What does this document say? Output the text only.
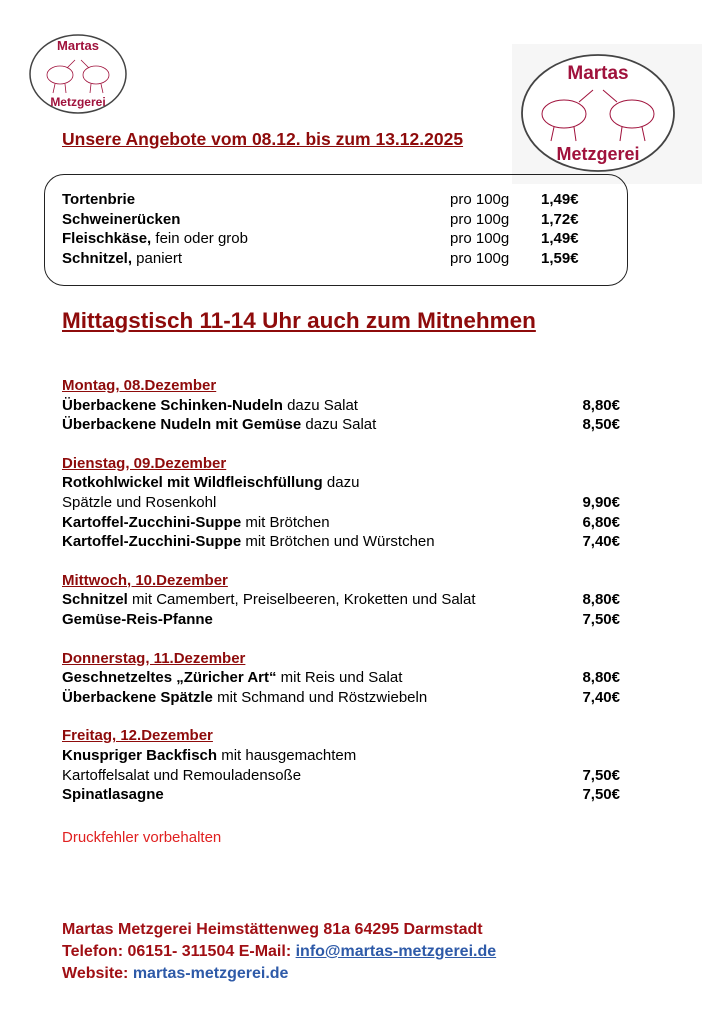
Martas
Metzgerei
Martas
Metzgerei
Unsere Angebote vom 08.12. bis zum 13.12.2025
Tortenbrie	pro 100g 1,49€
Schweinerücken	pro 100g 1,72€
Fleischkäse, fein oder grob	pro 100g 1,49€
Schnitzel, paniert	pro 100g 1,59€
Mittagstisch 11-14 Uhr auch zum Mitnehmen
Montag, 08.Dezember
Überbackene Schinken-Nudeln dazu Salat	8,80€
Überbackene Nudeln mit Gemüse dazu Salat	8,50€
Dienstag, 09.Dezember
Rotkohlwickel mit Wildfleischfüllung dazu
Spätzle und Rosenkohl	9,90€
Kartoffel-Zucchini-Suppe mit Brötchen	6,80€
Kartoffel-Zucchini-Suppe mit Brötchen und Würstchen	7,40€
Mittwoch, 10.Dezember
Schnitzel mit Camembert, Preiselbeeren, Kroketten und Salat	8,80€
Gemüse-Reis-Pfanne	7,50€
Donnerstag, 11.Dezember
Geschnetzeltes „Züricher Art“ mit Reis und Salat	8,80€
Überbackene Spätzle mit Schmand und Röstzwiebeln	7,40€
Freitag, 12.Dezember
Knuspriger Backfisch mit hausgemachtem
Kartoffelsalat und Remouladensoße	7,50€
Spinatlasagne	7,50€
Druckfehler vorbehalten
Martas Metzgerei Heimstättenweg 81a 64295 Darmstadt
Telefon: 06151- 311504 E-Mail: info@martas-metzgerei.de
Website: martas-metzgerei.de
